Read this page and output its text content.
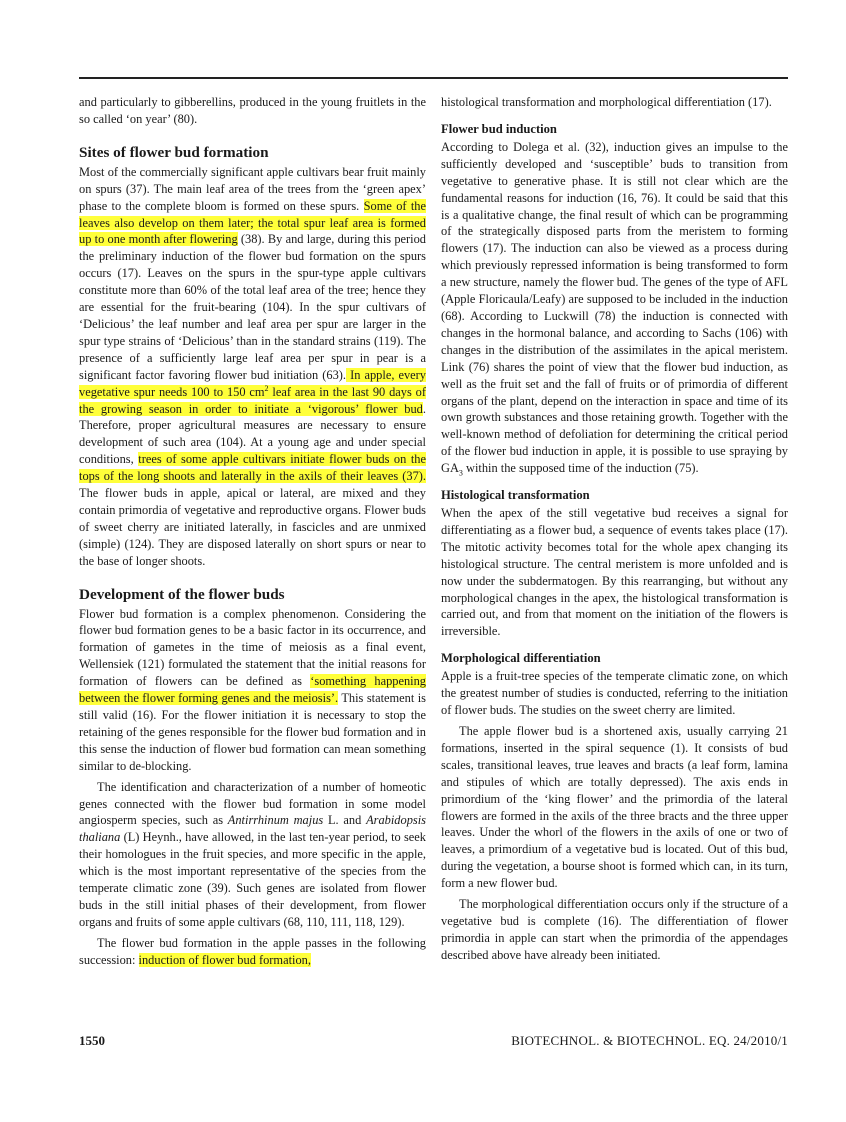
and particularly to gibberellins, produced in the young fruitlets in the so called ‘on year’ (80).

Sites of flower bud formation

Most of the commercially significant apple cultivars bear fruit mainly on spurs (37). The main leaf area of the trees from the ‘green apex’ phase to the complete bloom is formed on these spurs. Some of the leaves also develop on them later; the total spur leaf area is formed up to one month after flowering (38). By and large, during this period the preliminary induction of the flower bud formation on the spurs occurs (17). Leaves on the spurs in the spur-type apple cultivars constitute more than 60% of the total leaf area of the tree; hence they are essential for the fruit-bearing (104). In the spur cultivars of ‘Delicious’ the leaf number and leaf area per spur are larger in the spur type strains of ‘Delicious’ than in the standard strains (119). The presence of a sufficiently large leaf area per spur in pear is a significant factor favoring flower bud initiation (63). In apple, every vegetative spur needs 100 to 150 $cm^2$ leaf area in the last 90 days of the growing season in order to initiate a ‘vigorous’ flower bud. Therefore, proper agricultural measures are necessary to ensure development of such area (104). At a young age and under special conditions, trees of some apple cultivars initiate flower buds on the tops of the long shoots and laterally in the axils of their leaves (37). The flower buds in apple, apical or lateral, are mixed and they contain primordia of vegetative and reproductive organs. Flower buds of sweet cherry are initiated laterally, in fascicles and are unmixed (simple) (124). They are disposed laterally on short spurs or near to the base of longer shoots.

Development of the flower buds

Flower bud formation is a complex phenomenon. Considering the flower bud formation genes to be a basic factor in its occurrence, and formation of gametes in the time of meiosis as a final event, Wellensiek (121) formulated the statement that the initial reasons for formation of flowers can be defined as ‘something happening between the flower forming genes and the meiosis’. This statement is still valid (16). For the flower initiation it is necessary to stop the retaining of the genes responsible for the flower bud formation and in this sense the induction of flower bud formation can mean something similar to de-blocking.

The identification and characterization of a number of homeotic genes connected with the flower bud formation in some model angiosperm species, such as Antirrhinum majus L. and Arabidopsis thaliana (L) Heynh., have allowed, in the last ten-year period, to seek their homologues in the fruit species, and more specific in the apple, which is the most important representative of the species from the temperate climatic zone (39). Such genes are isolated from flower buds in the still initial phases of their development, from flower organs and fruits of some apple cultivars (68, 110, 111, 118, 129).

The flower bud formation in the apple passes in the following succession: induction of flower bud formation,

histological transformation and morphological differentiation (17).

Flower bud induction

According to Dolega et al. (32), induction gives an impulse to the sufficiently developed and ‘susceptible’ buds to transition from vegetative to generative phase. It is still not clear which are the fundamental reasons for induction (16, 76). It could be said that this is a qualitative change, the final result of which can be programming of the strategically disposed parts from the meristem to forming flowers (17). The induction can also be viewed as a process during which previously repressed information is being transformed to form a new structure, namely the flower bud. The genes of the type of AFL (Apple Floricaula/Leafy) are supposed to be included in the induction (68). According to Luckwill (78) the induction is connected with changes in the hormonal balance, and according to Sachs (106) with changes in the distribution of the assimilates in the apical meristem. Link (76) shares the point of view that the flower bud induction, as well as the fruit set and the fall of fruits or of primordia of different organs of the plant, depend on the interaction in space and time of its own growth substances and those retaining growth. Together with the well-known method of defoliation for determining the critical period of the flower bud induction in apple, it is possible to use spraying by $GA_3$ within the supposed time of the induction (75).

Histological transformation

When the apex of the still vegetative bud receives a signal for differentiating as a flower bud, a sequence of events takes place (17). The mitotic activity becomes total for the whole apex changing its histological structure. The central meristem is more unfolded and is now under the subdermatogen. By this rearranging, but without any morphological changes in the apex, the histological transformation is carried out, and from that moment on the initiation of the flowers is irreversible.

Morphological differentiation

Apple is a fruit-tree species of the temperate climatic zone, on which the greatest number of studies is conducted, referring to the initiation of flower buds. The studies on the sweet cherry are limited.

The apple flower bud is a shortened axis, usually carrying 21 formations, inserted in the spiral sequence (1). It consists of bud scales, transitional leaves, true leaves and bracts (a leaf form, lamina and stipules of which are totally depressed). The axis ends in primordium of the ‘king flower’ and the primordia of the lateral flowers are formed in the axils of the three bracts and the three upper leaves. Under the whorl of the flowers in the axils of one or two of leaves, a primordium of a vegetative bud is located. Out of this bud, during the vegetation, a bourse shoot is formed which can, in its turn, form a new flower bud.

The morphological differentiation occurs only if the structure of a vegetative bud is complete (16). The differentiation of flower primordia in apple can start when the primordia of the appendages described above have already been initiated.

1550	BIOTECHNOL. & BIOTECHNOL. EQ. 24/2010/1
